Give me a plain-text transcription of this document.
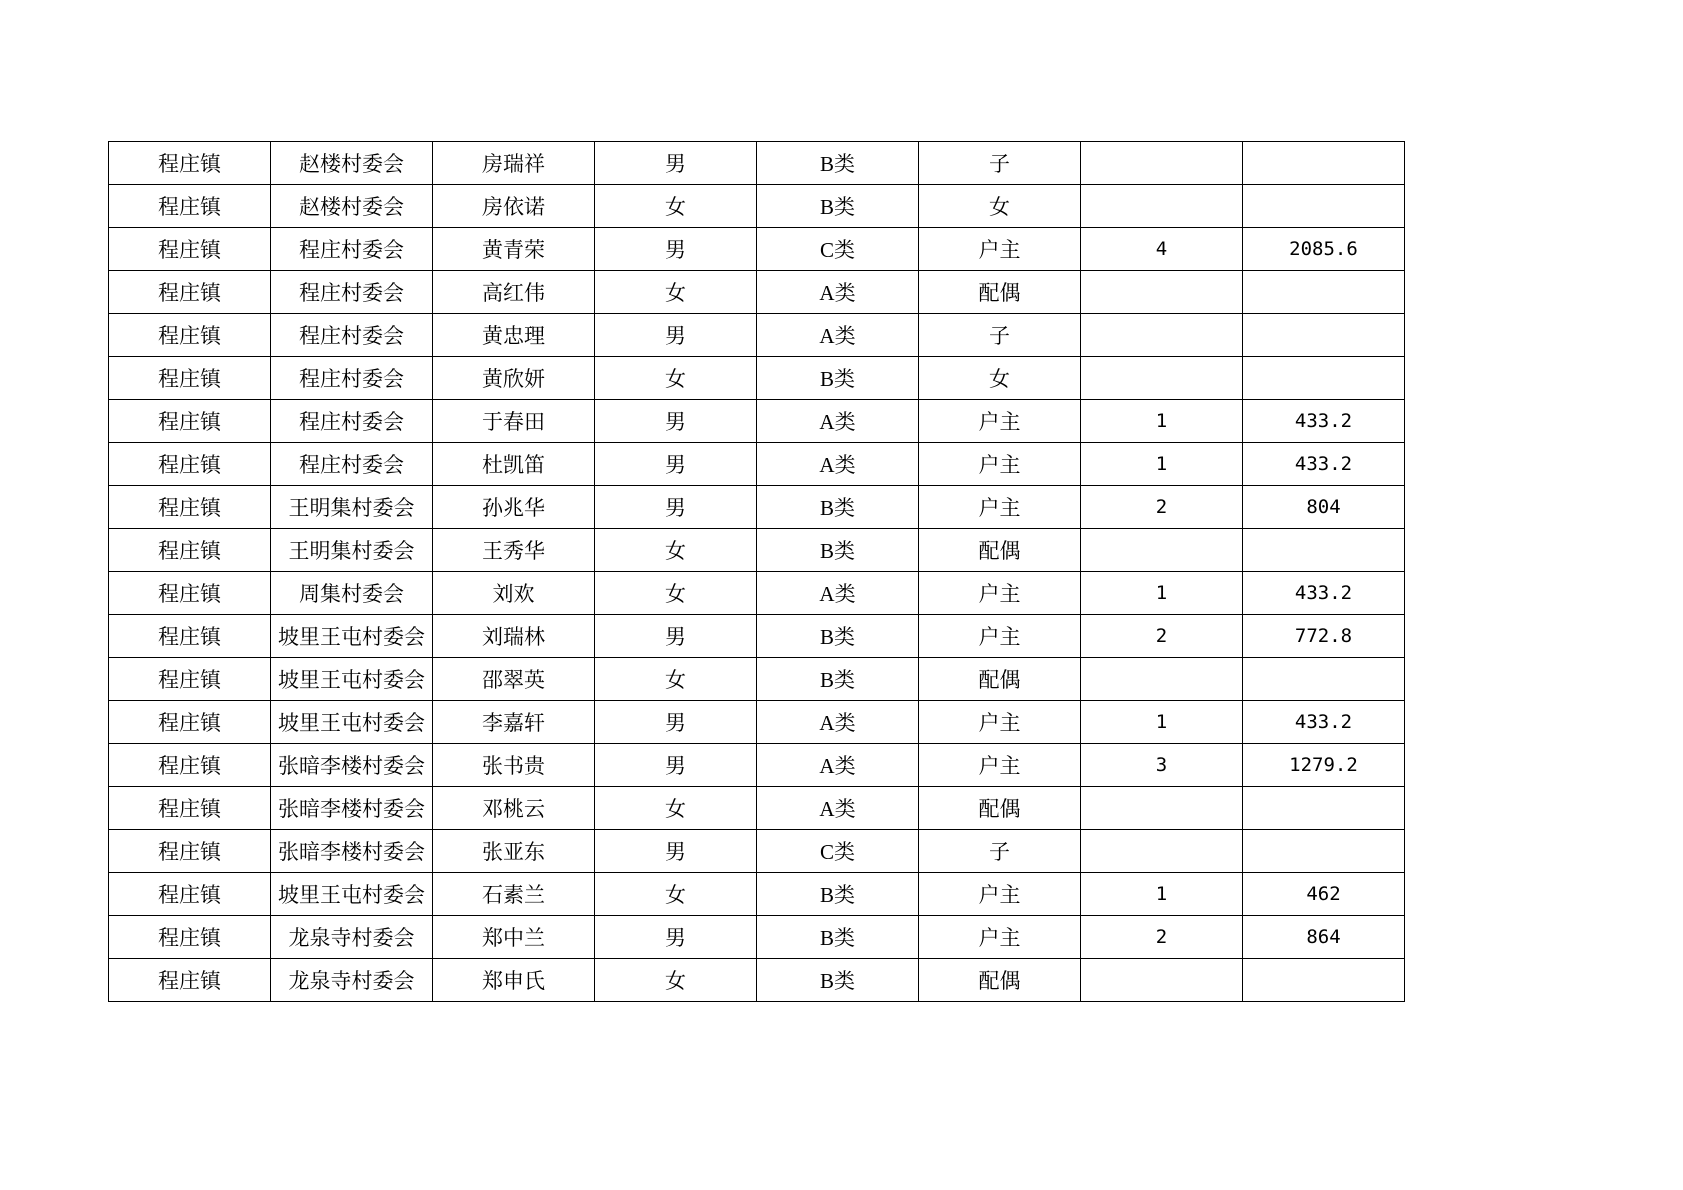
程庄镇	赵楼村委会	房瑞祥	男	B类	子		
程庄镇	赵楼村委会	房依诺	女	B类	女		
程庄镇	程庄村委会	黄青荣	男	C类	户主	4	2085.6
程庄镇	程庄村委会	高红伟	女	A类	配偶		
程庄镇	程庄村委会	黄忠理	男	A类	子		
程庄镇	程庄村委会	黄欣妍	女	B类	女		
程庄镇	程庄村委会	于春田	男	A类	户主	1	433.2
程庄镇	程庄村委会	杜凯笛	男	A类	户主	1	433.2
程庄镇	王明集村委会	孙兆华	男	B类	户主	2	804
程庄镇	王明集村委会	王秀华	女	B类	配偶		
程庄镇	周集村委会	刘欢	女	A类	户主	1	433.2
程庄镇	坡里王屯村委会	刘瑞林	男	B类	户主	2	772.8
程庄镇	坡里王屯村委会	邵翠英	女	B类	配偶		
程庄镇	坡里王屯村委会	李嘉轩	男	A类	户主	1	433.2
程庄镇	张暗李楼村委会	张书贵	男	A类	户主	3	1279.2
程庄镇	张暗李楼村委会	邓桃云	女	A类	配偶		
程庄镇	张暗李楼村委会	张亚东	男	C类	子		
程庄镇	坡里王屯村委会	石素兰	女	B类	户主	1	462
程庄镇	龙泉寺村委会	郑中兰	男	B类	户主	2	864
程庄镇	龙泉寺村委会	郑申氏	女	B类	配偶		
